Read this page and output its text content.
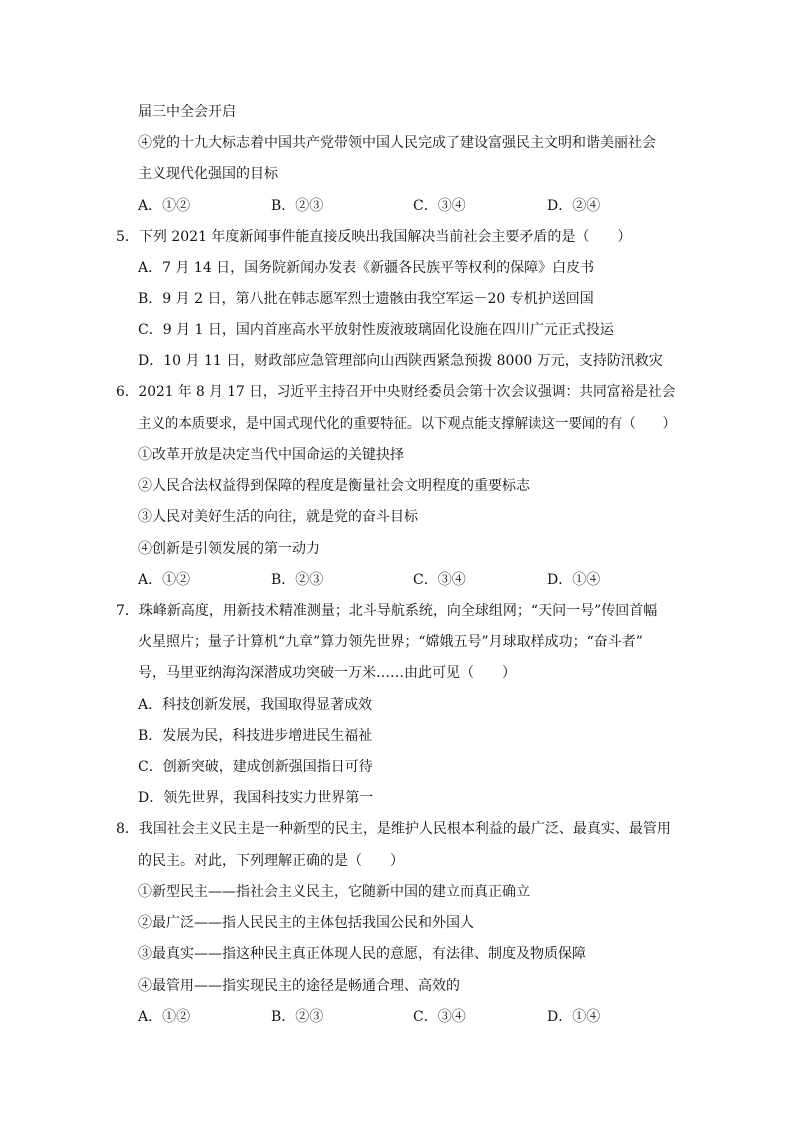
届三中全会开启
④党的十九大标志着中国共产党带领中国人民完成了建设富强民主文明和谐美丽社会
主义现代化强国的目标
A．①②	B．②③	C．③④	D．②④
5．下列 2021 年度新闻事件能直接反映出我国解决当前社会主要矛盾的是（　　）
A．7 月 14 日，国务院新闻办发表《新疆各民族平等权利的保障》白皮书
B．9 月 2 日，第八批在韩志愿军烈士遗骸由我空军运－20 专机护送回国
C．9 月 1 日，国内首座高水平放射性废液玻璃固化设施在四川广元正式投运
D．10 月 11 日，财政部应急管理部向山西陕西紧急预拨 8000 万元，支持防汛救灾
6．2021 年 8 月 17 日，习近平主持召开中央财经委员会第十次会议强调：共同富裕是社会
主义的本质要求，是中国式现代化的重要特征。以下观点能支撑解读这一要闻的有（　　）
①改革开放是决定当代中国命运的关键抉择
②人民合法权益得到保障的程度是衡量社会文明程度的重要标志
③人民对美好生活的向往，就是党的奋斗目标
④创新是引领发展的第一动力
A．①②	B．②③	C．③④	D．①④
7．珠峰新高度，用新技术精准测量；北斗导航系统，向全球组网；“天问一号”传回首幅
火星照片；量子计算机“九章”算力领先世界；“嫦娥五号”月球取样成功；“奋斗者”
号，马里亚纳海沟深潜成功突破一万米……由此可见（　　）
A．科技创新发展，我国取得显著成效
B．发展为民，科技进步增进民生福祉
C．创新突破，建成创新强国指日可待
D．领先世界，我国科技实力世界第一
8．我国社会主义民主是一种新型的民主，是维护人民根本利益的最广泛、最真实、最管用
的民主。对此，下列理解正确的是（　　）
①新型民主——指社会主义民主，它随新中国的建立而真正确立
②最广泛——指人民民主的主体包括我国公民和外国人
③最真实——指这种民主真正体现人民的意愿，有法律、制度及物质保障
④最管用——指实现民主的途径是畅通合理、高效的
A．①②	B．②③	C．③④	D．①④
